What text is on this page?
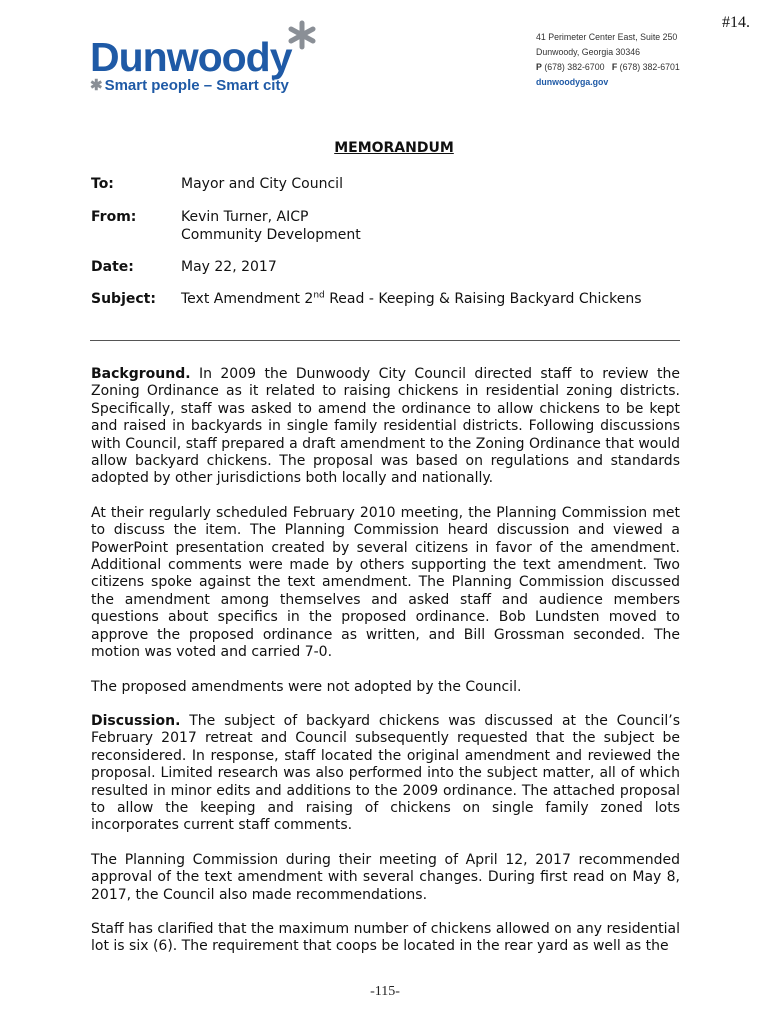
#14.
Dunwoody
✱ Smart people – Smart city
41 Perimeter Center East, Suite 250
Dunwoody, Georgia 30346
P (678) 382-6700 F (678) 382-6701
dunwoodyga.gov
MEMORANDUM
To:	Mayor and City Council
From:	Kevin Turner, AICP
Community Development
Date:	May 22, 2017
Subject: Text Amendment 2nd Read - Keeping & Raising Backyard Chickens

Background. In 2009 the Dunwoody City Council directed staff to review the Zoning Ordinance as it related to raising chickens in residential zoning districts. Specifically, staff was asked to amend the ordinance to allow chickens to be kept and raised in backyards in single family residential districts. Following discussions with Council, staff prepared a draft amendment to the Zoning Ordinance that would allow backyard chickens. The proposal was based on regulations and standards adopted by other jurisdictions both locally and nationally.

At their regularly scheduled February 2010 meeting, the Planning Commission met to discuss the item. The Planning Commission heard discussion and viewed a PowerPoint presentation created by several citizens in favor of the amendment. Additional comments were made by others supporting the text amendment. Two citizens spoke against the text amendment. The Planning Commission discussed the amendment among themselves and asked staff and audience members questions about specifics in the proposed ordinance. Bob Lundsten moved to approve the proposed ordinance as written, and Bill Grossman seconded. The motion was voted and carried 7-0.

The proposed amendments were not adopted by the Council.

Discussion. The subject of backyard chickens was discussed at the Council’s February 2017 retreat and Council subsequently requested that the subject be reconsidered. In response, staff located the original amendment and reviewed the proposal. Limited research was also performed into the subject matter, all of which resulted in minor edits and additions to the 2009 ordinance. The attached proposal to allow the keeping and raising of chickens on single family zoned lots incorporates current staff comments.

The Planning Commission during their meeting of April 12, 2017 recommended approval of the text amendment with several changes. During first read on May 8, 2017, the Council also made recommendations.

Staff has clarified that the maximum number of chickens allowed on any residential lot is six (6). The requirement that coops be located in the rear yard as well as the

-115-
